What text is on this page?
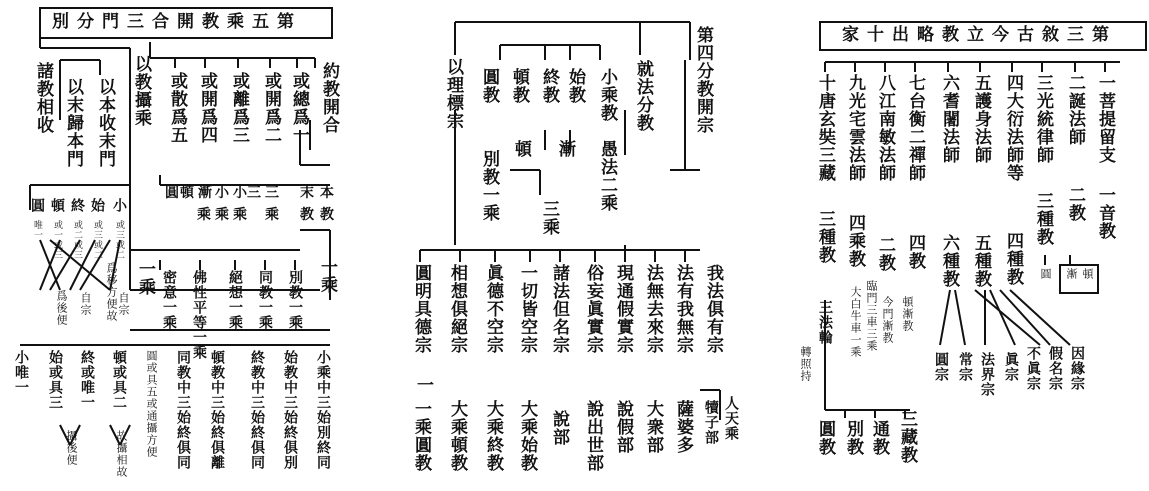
別分門三合開教乘五第
諸教相收 以末歸本門 以本收末門 以教攝乘 或散爲五 或開爲四 或離爲三 或開爲二 或總爲一 約教開合
圓 頓 漸 小 小三 三 末 本
乘 乘 乘 乘 教 教
圓 頓 終 始 小
唯一 或一或三 或二或三 或三或二 或三或二
爲後便 自宗 自宗
爲移方便故 一乘	一乘
別教一乘
同教一乘
絕想一乘
佛性平等一乘
密意一乘
小唯一 始或具三 終或唯一 頓或具二 圓或具五或通攝方便 同教中三始終俱同 頓教中三始終俱離 終教中三始終俱同 始教中三始終俱別 小乘中三始別終同
攝後便	故攝相故
第四分教開宗
以理標宗 圓教 頓教 終教 始教 小乘教 就法分教
別教一乘
頓 漸 愚法二乘
三乘
圓明具德宗 相想俱絕宗 眞德不空宗 一切皆空宗 諸法但名宗 俗妄眞實宗 現通假實宗 法無去來宗 法有我無宗 我法俱有宗
一乘圓教 大乘頓教 大乘終教 大乘始教 說部 說出世部 說假部 大衆部 薩婆多 犢子部
一
人天乘
家十出略教立今古敘三第
十唐玄奘三藏 九光宅雲法師 八江南敏法師 七台衡二禪師 六耆闍法師 五護身法師 四大衍法師等 三光統律師 二誕法師 一菩提留支
三種教 四乘教 二教 四教 六種教 五種教 四種教
三種教 二教 一音教
三法輪 大白牛車一乘 臨門三車三乘 今門漸教 頓漸教
圓 漸 頓
轉照持	圓宗 常宗 法界宗 眞宗 不眞宗 假名宗 因緣宗
圓教 別教 通教 三藏教
